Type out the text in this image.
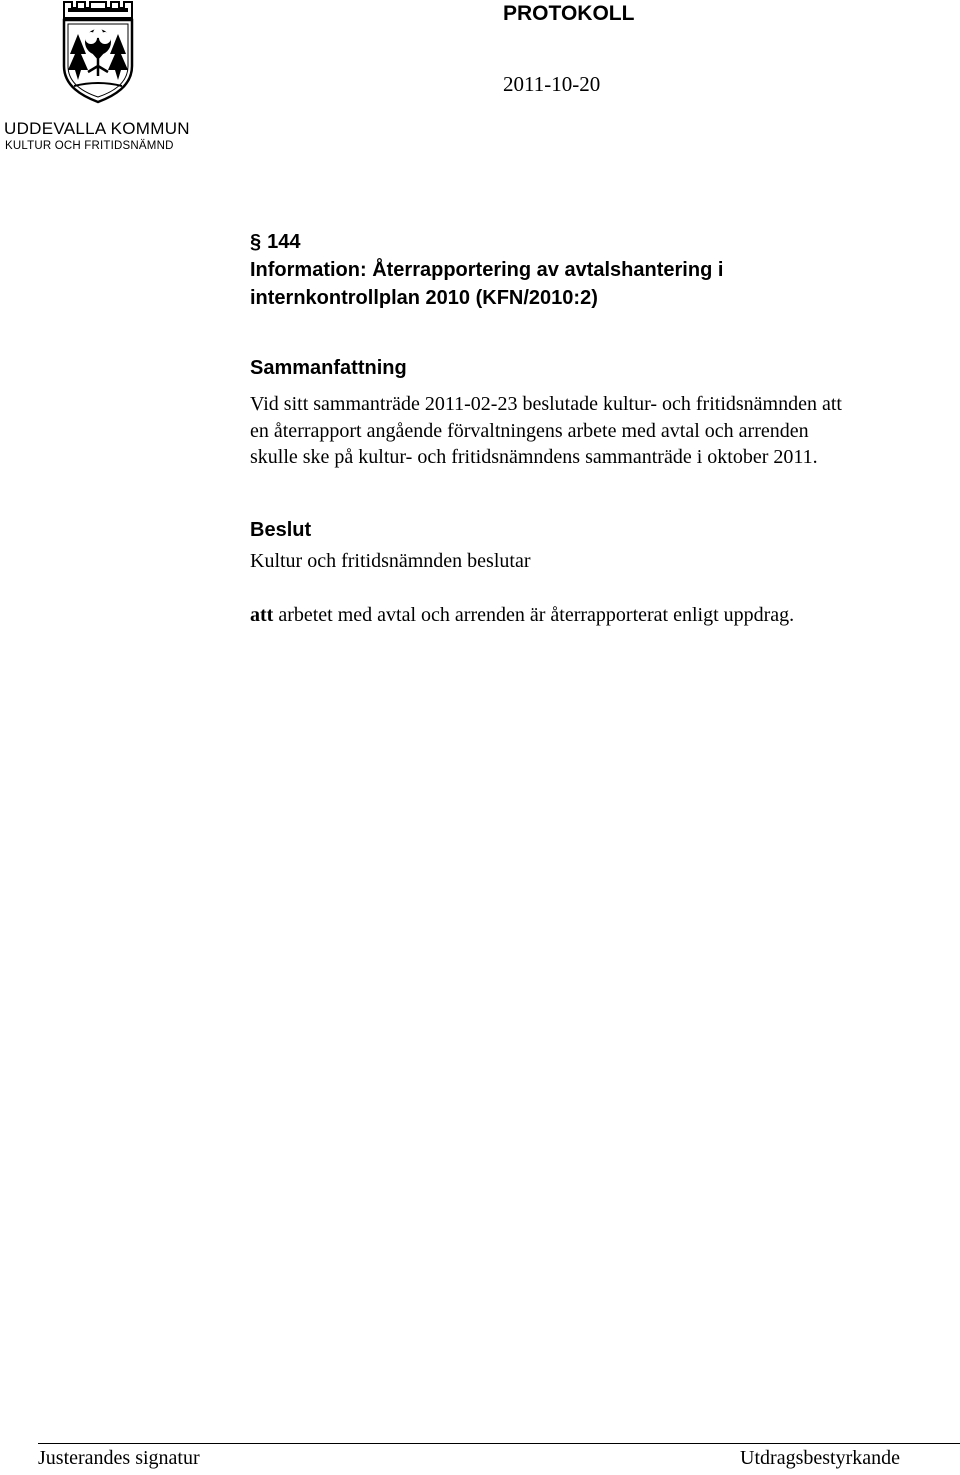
UDDEVALLA KOMMUN
KULTUR OCH FRITIDSNÄMND
PROTOKOLL
2011-10-20
§ 144
Information: Återrapportering av avtalshantering i
internkontrollplan 2010 (KFN/2010:2)
Sammanfattning
Vid sitt sammanträde 2011-02-23 beslutade kultur- och fritidsnämnden att
en återrapport angående förvaltningens arbete med avtal och arrenden
skulle ske på kultur- och fritidsnämndens sammanträde i oktober 2011.
Beslut
Kultur och fritidsnämnden beslutar
att arbetet med avtal och arrenden är återrapporterat enligt uppdrag.
Justerandes signatur	Utdragsbestyrkande
